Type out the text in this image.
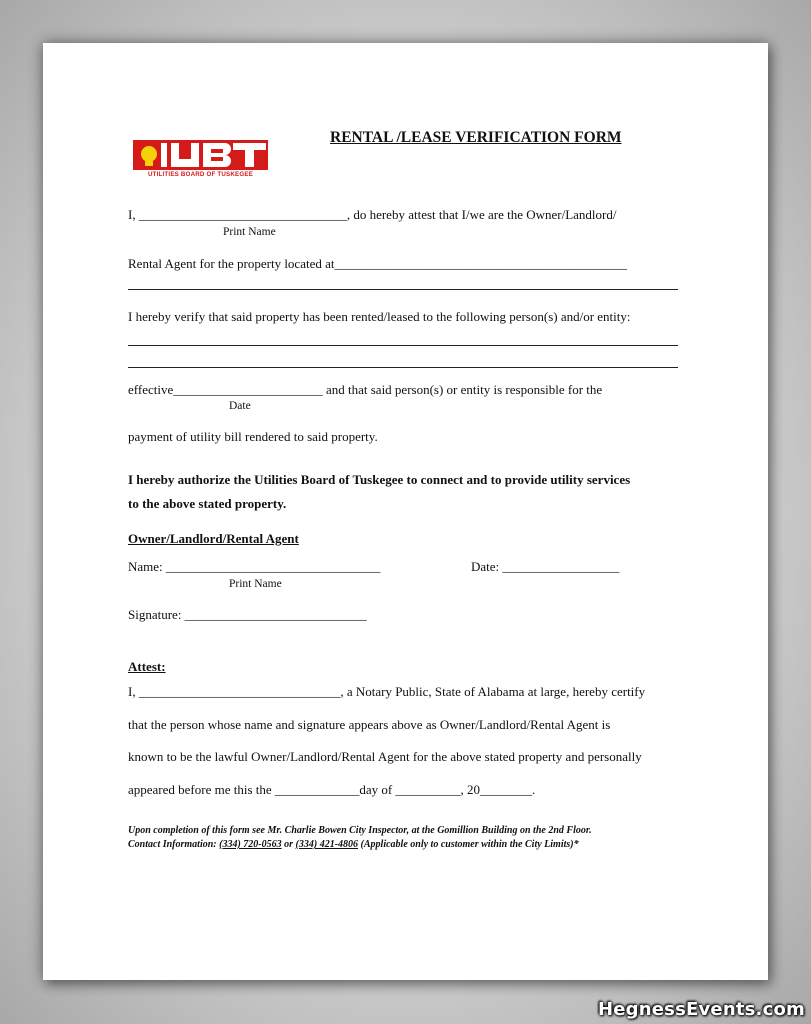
UTILITIES BOARD OF TUSKEGEE
RENTAL /LEASE VERIFICATION FORM
I, ________________________________, do hereby attest that I/we are the Owner/Landlord/
Print Name
Rental Agent for the property located at_____________________________________________
I hereby verify that said property has been rented/leased to the following person(s) and/or entity:
effective_______________________ and that said person(s) or entity is responsible for the
Date
payment of utility bill rendered to said property.
I hereby authorize the Utilities Board of Tuskegee to connect and to provide utility services
to the above stated property.
Owner/Landlord/Rental Agent
Name: _________________________________	Date: __________________
Print Name
Signature: ____________________________
Attest:
I, _______________________________, a Notary Public, State of Alabama at large, hereby certify
that the person whose name and signature appears above as Owner/Landlord/Rental Agent is
known to be the lawful Owner/Landlord/Rental Agent for the above stated property and personally
appeared before me this the _____________day of __________, 20________.
Upon completion of this form see Mr. Charlie Bowen City Inspector, at the Gomillion Building on the 2nd Floor.
Contact Information: (334) 720-0563 or (334) 421-4806 (Applicable only to customer within the City Limits)*
HegnessEvents.com
